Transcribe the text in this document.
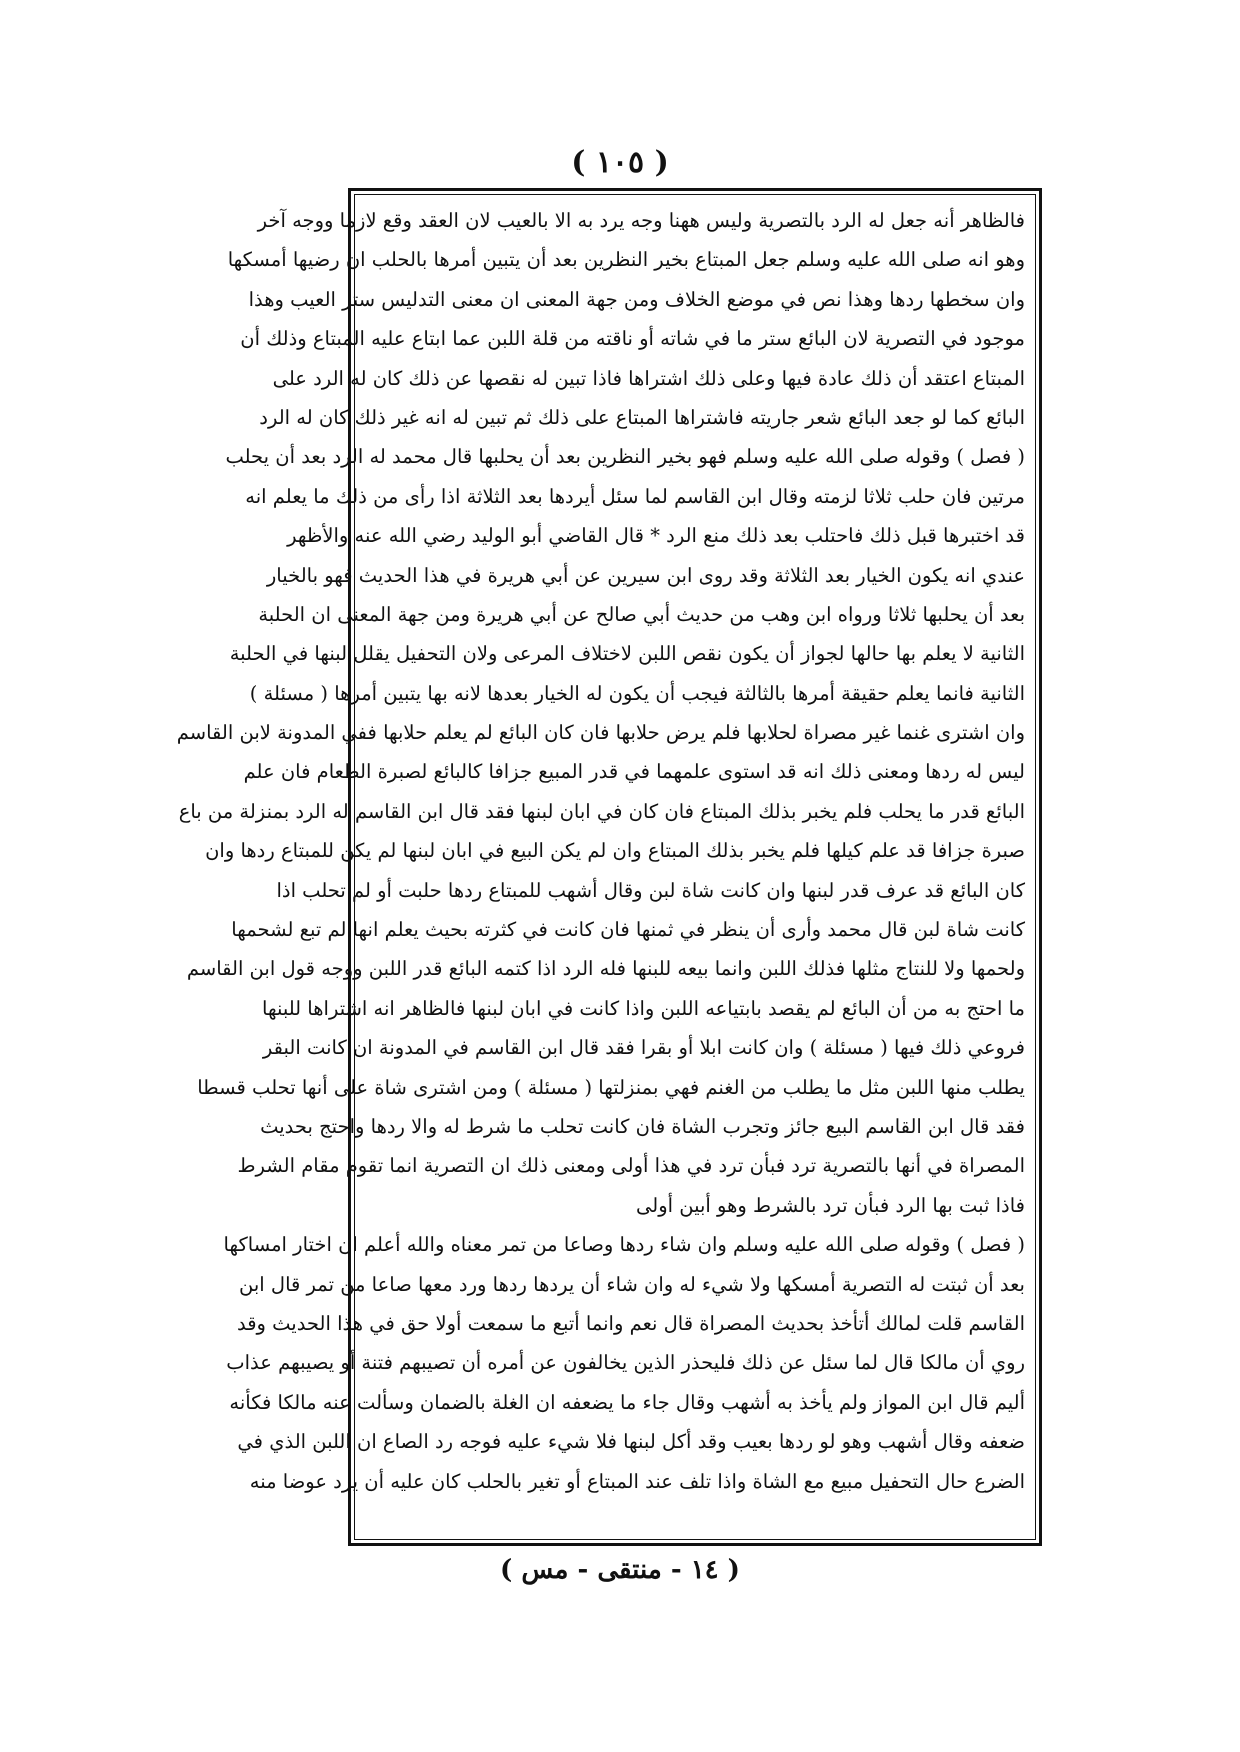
( ١٠٥ )
فالظاهر أنه جعل له الرد بالتصرية وليس ههنا وجه يرد به الا بالعيب لان العقد وقع لازما ووجه آخر
وهو انه صلى الله عليه وسلم جعل المبتاع بخير النظرين بعد أن يتبين أمرها بالحلب ان رضيها أمسكها
وان سخطها ردها وهذا نص في موضع الخلاف ومن جهة المعنى ان معنى التدليس ستر العيب وهذا
موجود في التصرية لان البائع ستر ما في شاته أو ناقته من قلة اللبن عما ابتاع عليه المبتاع وذلك أن
المبتاع اعتقد أن ذلك عادة فيها وعلى ذلك اشتراها فاذا تبين له نقصها عن ذلك كان له الرد على
البائع كما لو جعد البائع شعر جاريته فاشتراها المبتاع على ذلك ثم تبين له انه غير ذلك كان له الرد
( فصل ) وقوله صلى الله عليه وسلم فهو بخير النظرين بعد أن يحلبها قال محمد له الرد بعد أن يحلب
مرتين فان حلب ثلاثا لزمته وقال ابن القاسم لما سئل أيردها بعد الثلاثة اذا رأى من ذلك ما يعلم انه
قد اختبرها قبل ذلك فاحتلب بعد ذلك منع الرد * قال القاضي أبو الوليد رضي الله عنه والأظهر
عندي انه يكون الخيار بعد الثلاثة وقد روى ابن سيرين عن أبي هريرة في هذا الحديث فهو بالخيار
بعد أن يحلبها ثلاثا ورواه ابن وهب من حديث أبي صالح عن أبي هريرة ومن جهة المعنى ان الحلبة
الثانية لا يعلم بها حالها لجواز أن يكون نقص اللبن لاختلاف المرعى ولان التحفيل يقلل لبنها في الحلبة
الثانية فانما يعلم حقيقة أمرها بالثالثة فيجب أن يكون له الخيار بعدها لانه بها يتبين أمرها ( مسئلة )
وان اشترى غنما غير مصراة لحلابها فلم يرض حلابها فان كان البائع لم يعلم حلابها ففي المدونة لابن القاسم
ليس له ردها ومعنى ذلك انه قد استوى علمهما في قدر المبيع جزافا كالبائع لصبرة الطعام فان علم
البائع قدر ما يحلب فلم يخبر بذلك المبتاع فان كان في ابان لبنها فقد قال ابن القاسم له الرد بمنزلة من باع
صبرة جزافا قد علم كيلها فلم يخبر بذلك المبتاع وان لم يكن البيع في ابان لبنها لم يكن للمبتاع ردها وان
كان البائع قد عرف قدر لبنها وان كانت شاة لبن وقال أشهب للمبتاع ردها حلبت أو لم تحلب اذا
كانت شاة لبن قال محمد وأرى أن ينظر في ثمنها فان كانت في كثرته بحيث يعلم انها لم تبع لشحمها
ولحمها ولا للنتاج مثلها فذلك اللبن وانما بيعه للبنها فله الرد اذا كتمه البائع قدر اللبن ووجه قول ابن القاسم
ما احتج به من أن البائع لم يقصد بابتياعه اللبن واذا كانت في ابان لبنها فالظاهر انه اشتراها للبنها
فروعي ذلك فيها ( مسئلة ) وان كانت ابلا أو بقرا فقد قال ابن القاسم في المدونة ان كانت البقر
يطلب منها اللبن مثل ما يطلب من الغنم فهي بمنزلتها ( مسئلة ) ومن اشترى شاة على أنها تحلب قسطا
فقد قال ابن القاسم البيع جائز وتجرب الشاة فان كانت تحلب ما شرط له والا ردها واحتج بحديث
المصراة في أنها بالتصرية ترد فبأن ترد في هذا أولى ومعنى ذلك ان التصرية انما تقوم مقام الشرط
فاذا ثبت بها الرد فبأن ترد بالشرط وهو أبين أولى
( فصل ) وقوله صلى الله عليه وسلم وان شاء ردها وصاعا من تمر معناه والله أعلم ان اختار امساكها
بعد أن ثبتت له التصرية أمسكها ولا شيء له وان شاء أن يردها ردها ورد معها صاعا من تمر قال ابن
القاسم قلت لمالك أتأخذ بحديث المصراة قال نعم وانما أتبع ما سمعت أولا حق في هذا الحديث وقد
روي أن مالكا قال لما سئل عن ذلك فليحذر الذين يخالفون عن أمره أن تصيبهم فتنة أو يصيبهم عذاب
أليم قال ابن المواز ولم يأخذ به أشهب وقال جاء ما يضعفه ان الغلة بالضمان وسألت عنه مالكا فكأنه
ضعفه وقال أشهب وهو لو ردها بعيب وقد أكل لبنها فلا شيء عليه فوجه رد الصاع ان اللبن الذي في
الضرع حال التحفيل مبيع مع الشاة واذا تلف عند المبتاع أو تغير بالحلب كان عليه أن يرد عوضا منه
( ١٤ - منتقى - مس )
